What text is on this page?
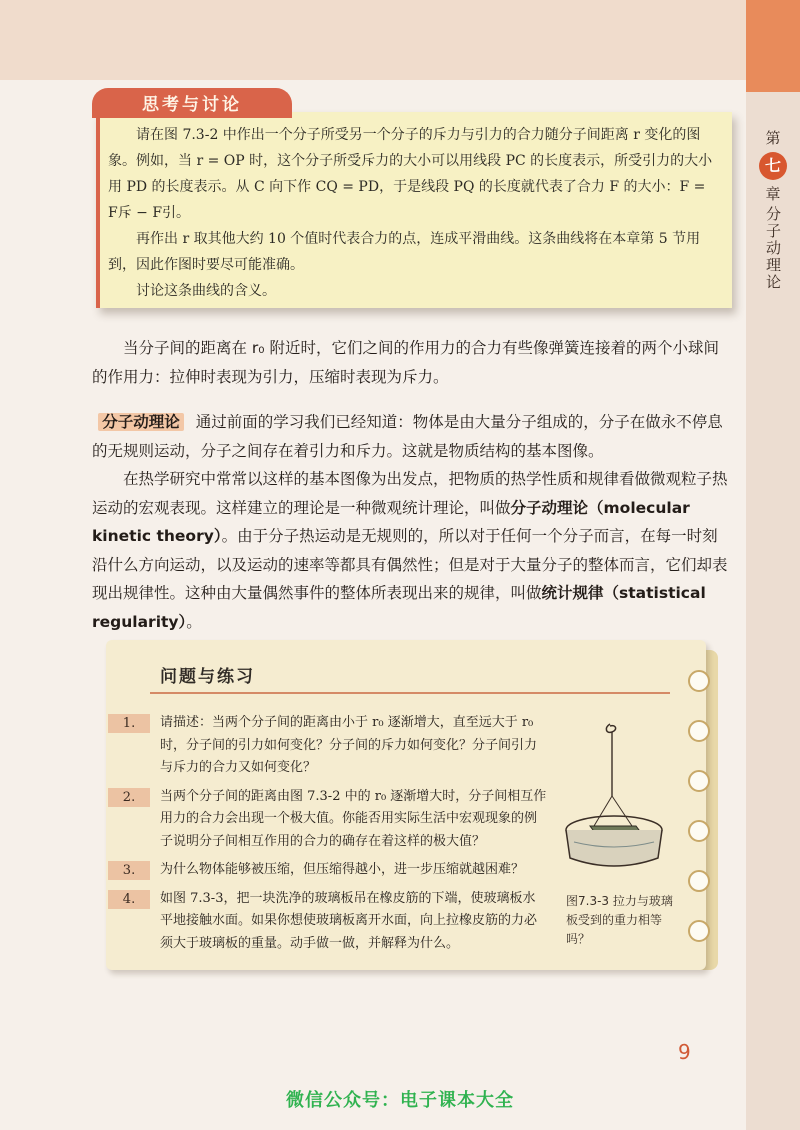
第
七
章
分子动理论
思考与讨论

请在图 7.3-2 中作出一个分子所受另一个分子的斥力与引力的合力随分子间距离 r 变化的图象。例如，当 r = OP 时，这个分子所受斥力的大小可以用线段 PC 的长度表示，所受引力的大小用 PD 的长度表示。从 C 向下作 CQ = PD，于是线段 PQ 的长度就代表了合力 F 的大小：F = F斥 − F引。

再作出 r 取其他大约 10 个值时代表合力的点，连成平滑曲线。这条曲线将在本章第 5 节用到，因此作图时要尽可能准确。

讨论这条曲线的含义。

当分子间的距离在 r₀ 附近时，它们之间的作用力的合力有些像弹簧连接着的两个小球间的作用力：拉伸时表现为引力，压缩时表现为斥力。

分子动理论 通过前面的学习我们已经知道：物体是由大量分子组成的，分子在做永不停息的无规则运动，分子之间存在着引力和斥力。这就是物质结构的基本图像。

在热学研究中常常以这样的基本图像为出发点，把物质的热学性质和规律看做微观粒子热运动的宏观表现。这样建立的理论是一种微观统计理论，叫做分子动理论（molecular kinetic theory）。由于分子热运动是无规则的，所以对于任何一个分子而言，在每一时刻沿什么方向运动，以及运动的速率等都具有偶然性；但是对于大量分子的整体而言，它们却表现出规律性。这种由大量偶然事件的整体所表现出来的规律，叫做统计规律（statistical regularity）。

问题与练习
1.	请描述：当两个分子间的距离由小于 r₀ 逐渐增大，直至远大于 r₀ 时，分子间的引力如何变化？分子间的斥力如何变化？分子间引力与斥力的合力又如何变化？
2.	当两个分子间的距离由图 7.3-2 中的 r₀ 逐渐增大时，分子间相互作用力的合力会出现一个极大值。你能否用实际生活中宏观现象的例子说明分子间相互作用的合力的确存在着这样的极大值？
3.	为什么物体能够被压缩，但压缩得越小，进一步压缩就越困难？
4.	如图 7.3-3，把一块洗净的玻璃板吊在橡皮筋的下端，使玻璃板水平地接触水面。如果你想使玻璃板离开水面，向上拉橡皮筋的力必须大于玻璃板的重量。动手做一做，并解释为什么。
图7.3-3 拉力与玻璃板受到的重力相等吗？
9
微信公众号：电子课本大全
